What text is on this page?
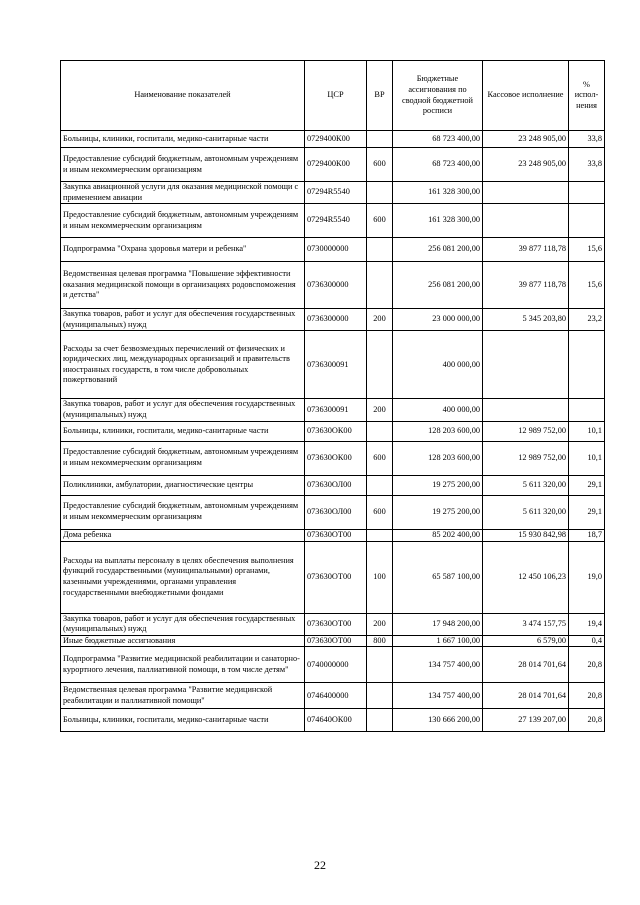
Наименование показателей	ЦСР	ВР	Бюджетные ассигнования по сводной бюджетной росписи	Кассовое исполнение	% испол-нения
Больницы, клиники, госпитали, медико-санитарные части	0729400К00		68 723 400,00	23 248 905,00	33,8
Предоставление субсидий бюджетным, автономным учреждениям и иным некоммерческим организациям	0729400К00	600	68 723 400,00	23 248 905,00	33,8
Закупка авиационной услуги для оказания медицинской помощи с применением авиации	07294R5540		161 328 300,00		
Предоставление субсидий бюджетным, автономным учреждениям и иным некоммерческим организациям	07294R5540	600	161 328 300,00		
Подпрограмма "Охрана здоровья матери и ребенка"	0730000000		256 081 200,00	39 877 118,78	15,6
Ведомственная целевая программа "Повышение эффективности оказания медицинской помощи в организациях родовспоможения и детства"	0736300000		256 081 200,00	39 877 118,78	15,6
Закупка товаров, работ и услуг для обеспечения государственных (муниципальных) нужд	0736300000	200	23 000 000,00	5 345 203,80	23,2
Расходы за счет безвозмездных перечислений от физических и юридических лиц, международных организаций и правительств иностранных государств, в том числе добровольных пожертвований	0736300091		400 000,00		
Закупка товаров, работ и услуг для обеспечения государственных (муниципальных) нужд	0736300091	200	400 000,00		
Больницы, клиники, госпитали, медико-санитарные части	073630ОК00		128 203 600,00	12 989 752,00	10,1
Предоставление субсидий бюджетным, автономным учреждениям и иным некоммерческим организациям	073630ОК00	600	128 203 600,00	12 989 752,00	10,1
Поликлиники, амбулатории, диагностические центры	073630ОЛ00		19 275 200,00	5 611 320,00	29,1
Предоставление субсидий бюджетным, автономным учреждениям и иным некоммерческим организациям	073630ОЛ00	600	19 275 200,00	5 611 320,00	29,1
Дома ребенка	073630ОТ00		85 202 400,00	15 930 842,98	18,7
Расходы на выплаты персоналу в целях обеспечения выполнения функций государственными (муниципальными) органами, казенными учреждениями, органами управления государственными внебюджетными фондами	073630ОТ00	100	65 587 100,00	12 450 106,23	19,0
Закупка товаров, работ и услуг для обеспечения государственных (муниципальных) нужд	073630ОТ00	200	17 948 200,00	3 474 157,75	19,4
Иные бюджетные ассигнования	073630ОТ00	800	1 667 100,00	6 579,00	0,4
Подпрограмма "Развитие медицинской реабилитации и санаторно-курортного лечения, паллиативной помощи, в том числе детям"	0740000000		134 757 400,00	28 014 701,64	20,8
Ведомственная целевая программа "Развитие медицинской реабилитации и паллиативной помощи"	0746400000		134 757 400,00	28 014 701,64	20,8
Больницы, клиники, госпитали, медико-санитарные части	074640ОК00		130 666 200,00	27 139 207,00	20,8
22
